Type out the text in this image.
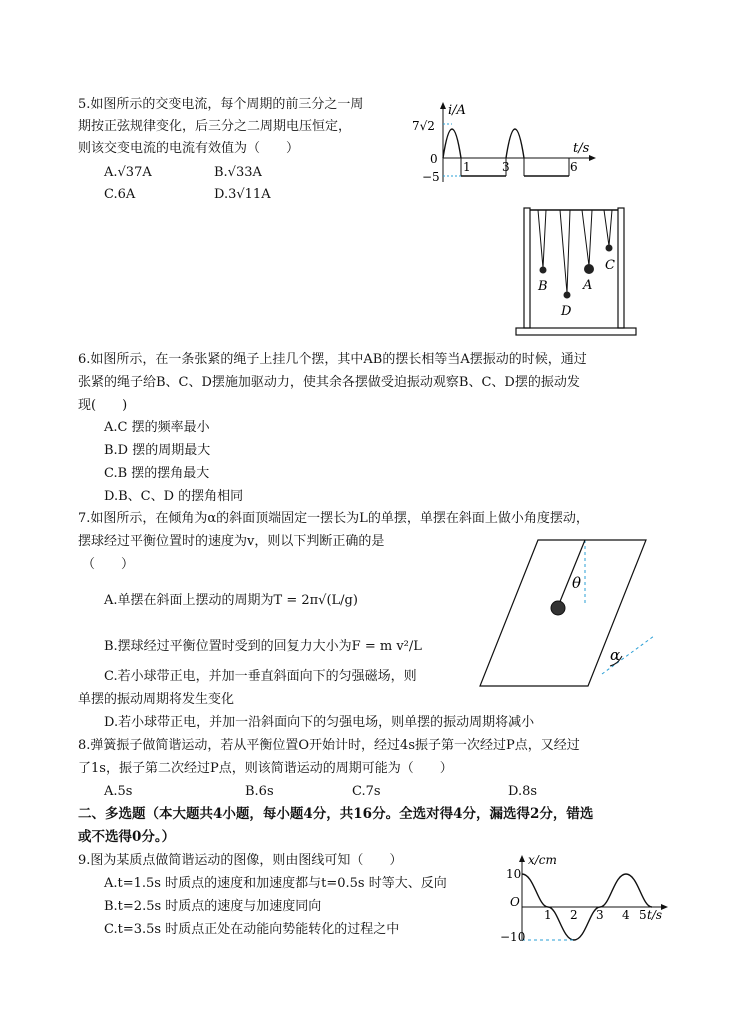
5.如图所示的交变电流，每个周期的前三分之一周
期按正弦规律变化，后三分之二周期电压恒定，
则该交变电流的电流有效值为（　　）
A.√37A	B.√33A
C.6A	D.3√11A
i/A
t/s
7√2
0
−5
1	3	6
B
D
A
C
6.如图所示，在一条张紧的绳子上挂几个摆，其中AB的摆长相等当A摆振动的时候，通过
张紧的绳子给B、C、D摆施加驱动力，使其余各摆做受迫振动观察B、C、D摆的振动发
现(　　)
A.C 摆的频率最小
B.D 摆的周期最大
C.B 摆的摆角最大
D.B、C、D 的摆角相同
7.如图所示，在倾角为α的斜面顶端固定一摆长为L的单摆，单摆在斜面上做小角度摆动，
摆球经过平衡位置时的速度为v，则以下判断正确的是
（　　）
A.单摆在斜面上摆动的周期为T = 2π√(L/g)
B.摆球经过平衡位置时受到的回复力大小为F = m v²/L
C.若小球带正电，并加一垂直斜面向下的匀强磁场，则
单摆的振动周期将发生变化
D.若小球带正电，并加一沿斜面向下的匀强电场，则单摆的振动周期将减小
θ
α
8.弹簧振子做简谐运动，若从平衡位置O开始计时，经过4s振子第一次经过P点，又经过
了1s，振子第二次经过P点，则该简谐运动的周期可能为（　　）
A.5s	B.6s	C.7s	D.8s
二、多选题（本大题共4小题，每小题4分，共16分。全选对得4分，漏选得2分，错选
或不选得0分。）
9.图为某质点做简谐运动的图像，则由图线可知（　　）
A.t=1.5s 时质点的速度和加速度都与t=0.5s 时等大、反向
B.t=2.5s 时质点的速度与加速度同向
C.t=3.5s 时质点正处在动能向势能转化的过程之中
10
−10
O
x/cm
t/s
1 2 3 4 5
